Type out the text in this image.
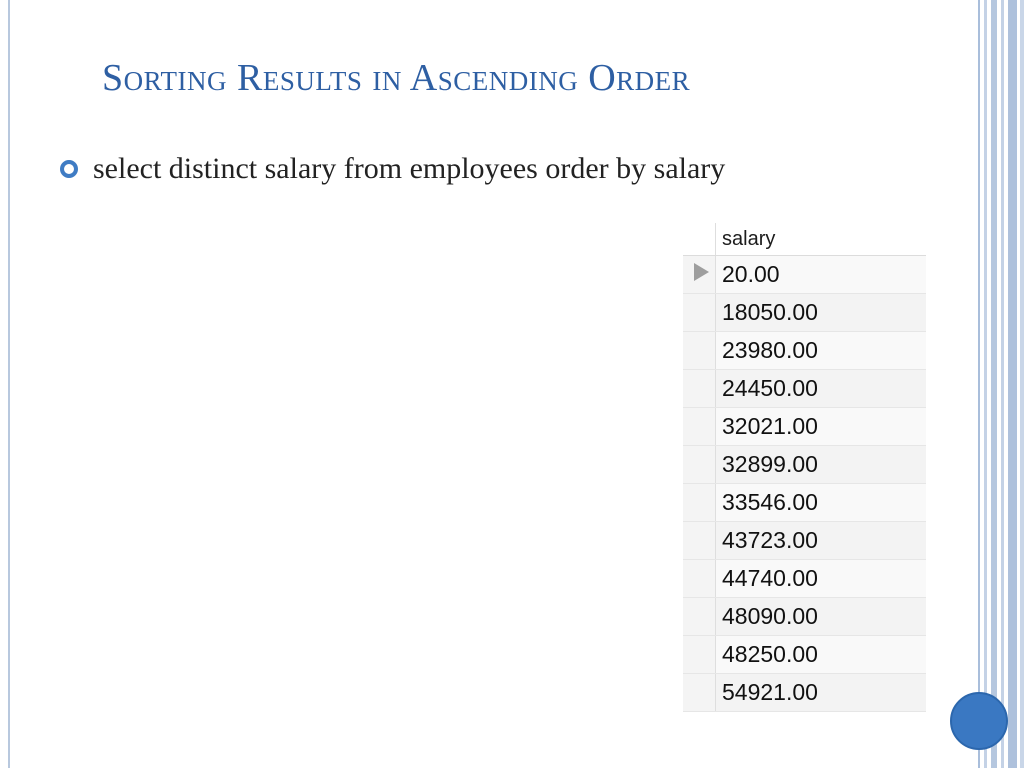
Sorting Results in Ascending Order
select distinct salary from employees order by salary
	salary
	20.00
	18050.00
	23980.00
	24450.00
	32021.00
	32899.00
	33546.00
	43723.00
	44740.00
	48090.00
	48250.00
	54921.00
